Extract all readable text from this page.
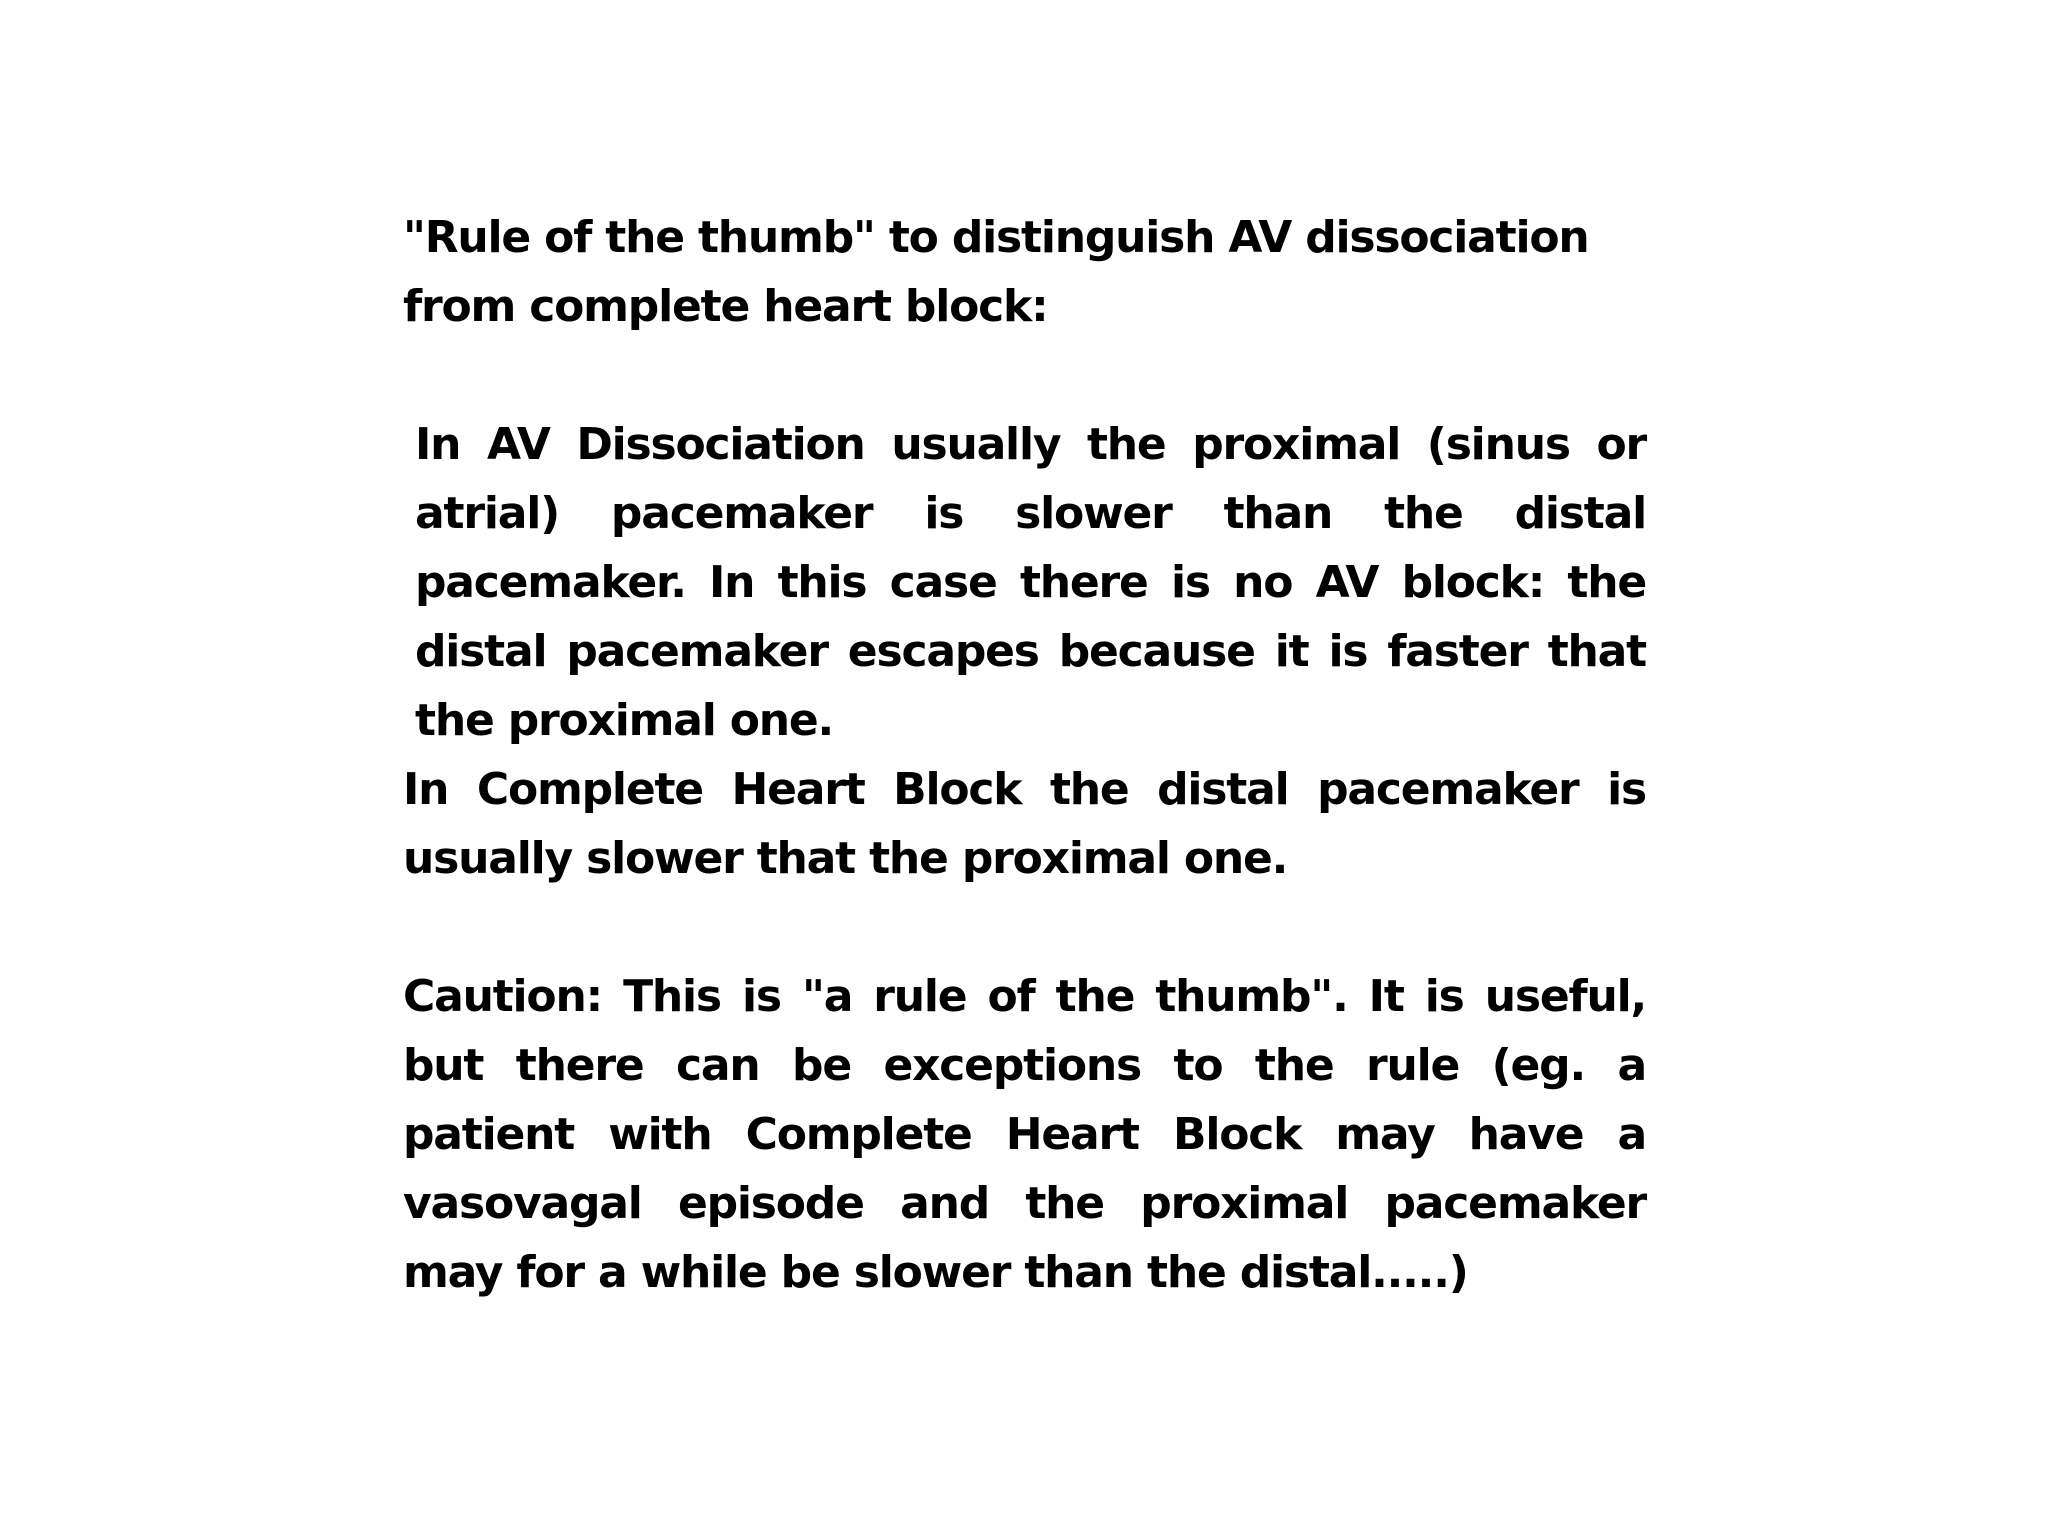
"Rule of the thumb" to distinguish AV dissociation

from complete heart block:

In AV Dissociation usually the proximal (sinus or atrial) pacemaker is slower than the distal pacemaker. In this case there is no AV block: the distal pacemaker escapes because it is faster that the proximal one.

In Complete Heart Block the distal pacemaker is usually slower that the proximal one.

Caution: This is "a rule of the thumb". It is useful, but there can be exceptions to the rule (eg. a patient with Complete Heart Block may have a vasovagal episode and the proximal pacemaker may for a while be slower than the distal.....)
